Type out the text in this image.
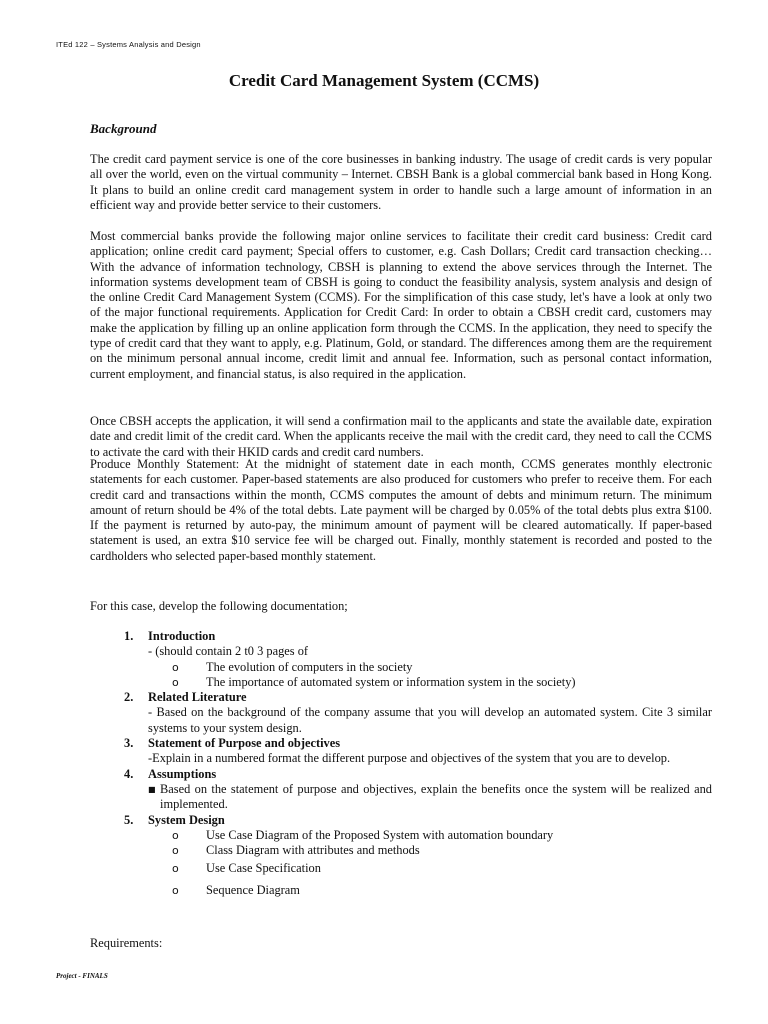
ITEd 122 – Systems Analysis and Design
Credit Card Management System (CCMS)
Background
The credit card payment service is one of the core businesses in banking industry. The usage of credit cards is very popular all over the world, even on the virtual community – Internet. CBSH Bank is a global commercial bank based in Hong Kong. It plans to build an online credit card management system in order to handle such a large amount of information in an efficient way and provide better service to their customers.
Most commercial banks provide the following major online services to facilitate their credit card business: Credit card application; online credit card payment; Special offers to customer, e.g. Cash Dollars; Credit card transaction checking…With the advance of information technology, CBSH is planning to extend the above services through the Internet. The information systems development team of CBSH is going to conduct the feasibility analysis, system analysis and design of the online Credit Card Management System (CCMS). For the simplification of this case study, let's have a look at only two of the major functional requirements. Application for Credit Card: In order to obtain a CBSH credit card, customers may make the application by filling up an online application form through the CCMS. In the application, they need to specify the type of credit card that they want to apply, e.g. Platinum, Gold, or standard. The differences among them are the requirement on the minimum personal annual income, credit limit and annual fee. Information, such as personal contact information, current employment, and financial status, is also required in the application.
Once CBSH accepts the application, it will send a confirmation mail to the applicants and state the available date, expiration date and credit limit of the credit card. When the applicants receive the mail with the credit card, they need to call the CCMS to activate the card with their HKID cards and credit card numbers.
Produce Monthly Statement: At the midnight of statement date in each month, CCMS generates monthly electronic statements for each customer. Paper-based statements are also produced for customers who prefer to receive them. For each credit card and transactions within the month, CCMS computes the amount of debts and minimum return. The minimum amount of return should be 4% of the total debts. Late payment will be charged by 0.05% of the total debts plus extra $100. If the payment is returned by auto-pay, the minimum amount of payment will be cleared automatically. If paper-based statement is used, an extra $10 service fee will be charged out. Finally, monthly statement is recorded and posted to the cardholders who selected paper-based monthly statement.
For this case, develop the following documentation;
1. Introduction
- (should contain 2 t0 3 pages of
o The evolution of computers in the society
o The importance of automated system or information system in the society)
2. Related Literature
- Based on the background of the company assume that you will develop an automated system. Cite 3 similar systems to your system design.
3. Statement of Purpose and objectives
-Explain in a numbered format the different purpose and objectives of the system that you are to develop.
4. Assumptions
■ Based on the statement of purpose and objectives, explain the benefits once the system will be realized and implemented.
5. System Design
o Use Case Diagram of the Proposed System with automation boundary
o Class Diagram with attributes and methods
o Use Case Specification
o Sequence Diagram
Requirements:
Project - FINALS
